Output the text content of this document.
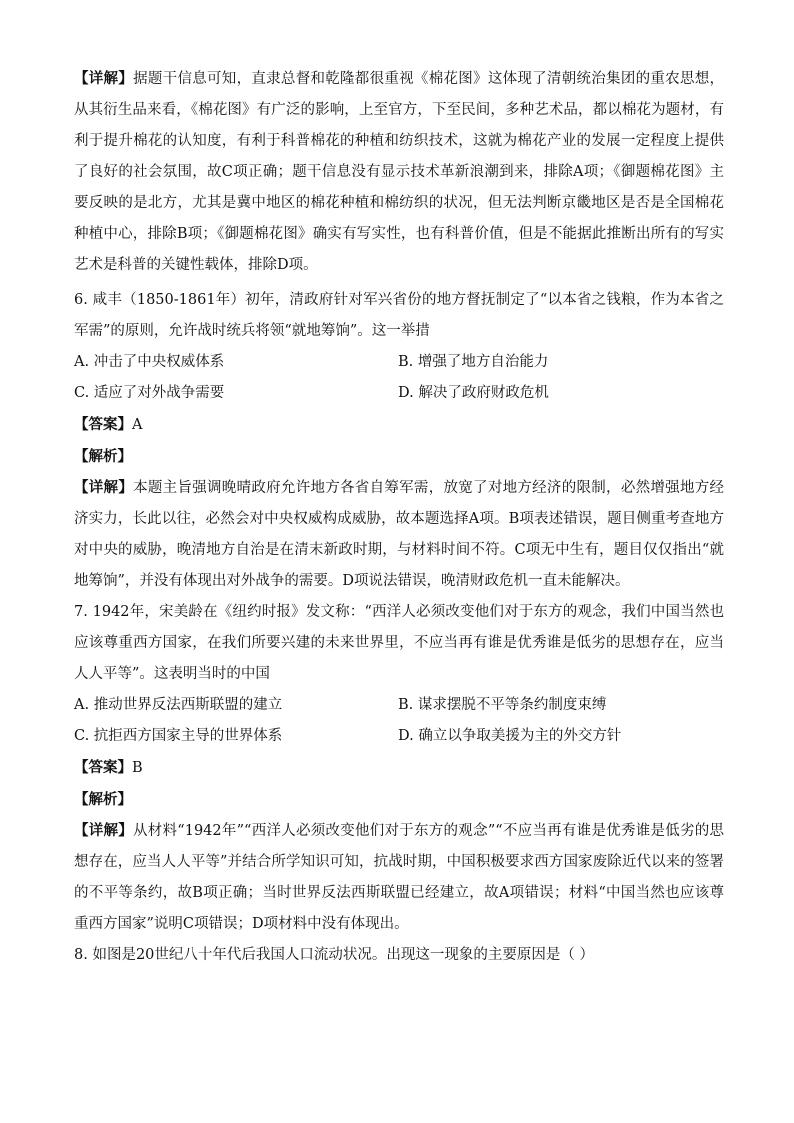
【详解】据题干信息可知，直隶总督和乾隆都很重视《棉花图》这体现了清朝统治集团的重农思想，从其衍生品来看，《棉花图》有广泛的影响，上至官方，下至民间，多种艺术品，都以棉花为题材，有利于提升棉花的认知度，有利于科普棉花的种植和纺织技术，这就为棉花产业的发展一定程度上提供了良好的社会氛围，故C项正确；题干信息没有显示技术革新浪潮到来，排除A项；《御题棉花图》主要反映的是北方，尤其是冀中地区的棉花种植和棉纺织的状况，但无法判断京畿地区是否是全国棉花种植中心，排除B项；《御题棉花图》确实有写实性，也有科普价值，但是不能据此推断出所有的写实艺术是科普的关键性载体，排除D项。

6. 咸丰（1850-1861年）初年，清政府针对军兴省份的地方督抚制定了“以本省之钱粮，作为本省之军需”的原则，允许战时统兵将领“就地筹饷”。这一举措

A. 冲击了中央权威体系	B. 增强了地方自治能力
C. 适应了对外战争需要	D. 解决了政府财政危机

【答案】A

【解析】

【详解】本题主旨强调晚晴政府允许地方各省自筹军需，放宽了对地方经济的限制，必然增强地方经济实力，长此以往，必然会对中央权威构成威胁，故本题选择A项。B项表述错误，题目侧重考查地方对中央的威胁，晚清地方自治是在清末新政时期，与材料时间不符。C项无中生有，题目仅仅指出“就地筹饷”，并没有体现出对外战争的需要。D项说法错误，晚清财政危机一直未能解决。

7. 1942年，宋美龄在《纽约时报》发文称：“西洋人必须改变他们对于东方的观念，我们中国当然也应该尊重西方国家，在我们所要兴建的未来世界里，不应当再有谁是优秀谁是低劣的思想存在，应当人人平等”。这表明当时的中国

A. 推动世界反法西斯联盟的建立	B. 谋求摆脱不平等条约制度束缚
C. 抗拒西方国家主导的世界体系	D. 确立以争取美援为主的外交方针

【答案】B

【解析】

【详解】从材料“1942年”“西洋人必须改变他们对于东方的观念”“不应当再有谁是优秀谁是低劣的思想存在，应当人人平等”并结合所学知识可知，抗战时期，中国积极要求西方国家废除近代以来的签署的不平等条约，故B项正确；当时世界反法西斯联盟已经建立，故A项错误；材料“中国当然也应该尊重西方国家”说明C项错误；D项材料中没有体现出。

8. 如图是20世纪八十年代后我国人口流动状况。出现这一现象的主要原因是（ ）
